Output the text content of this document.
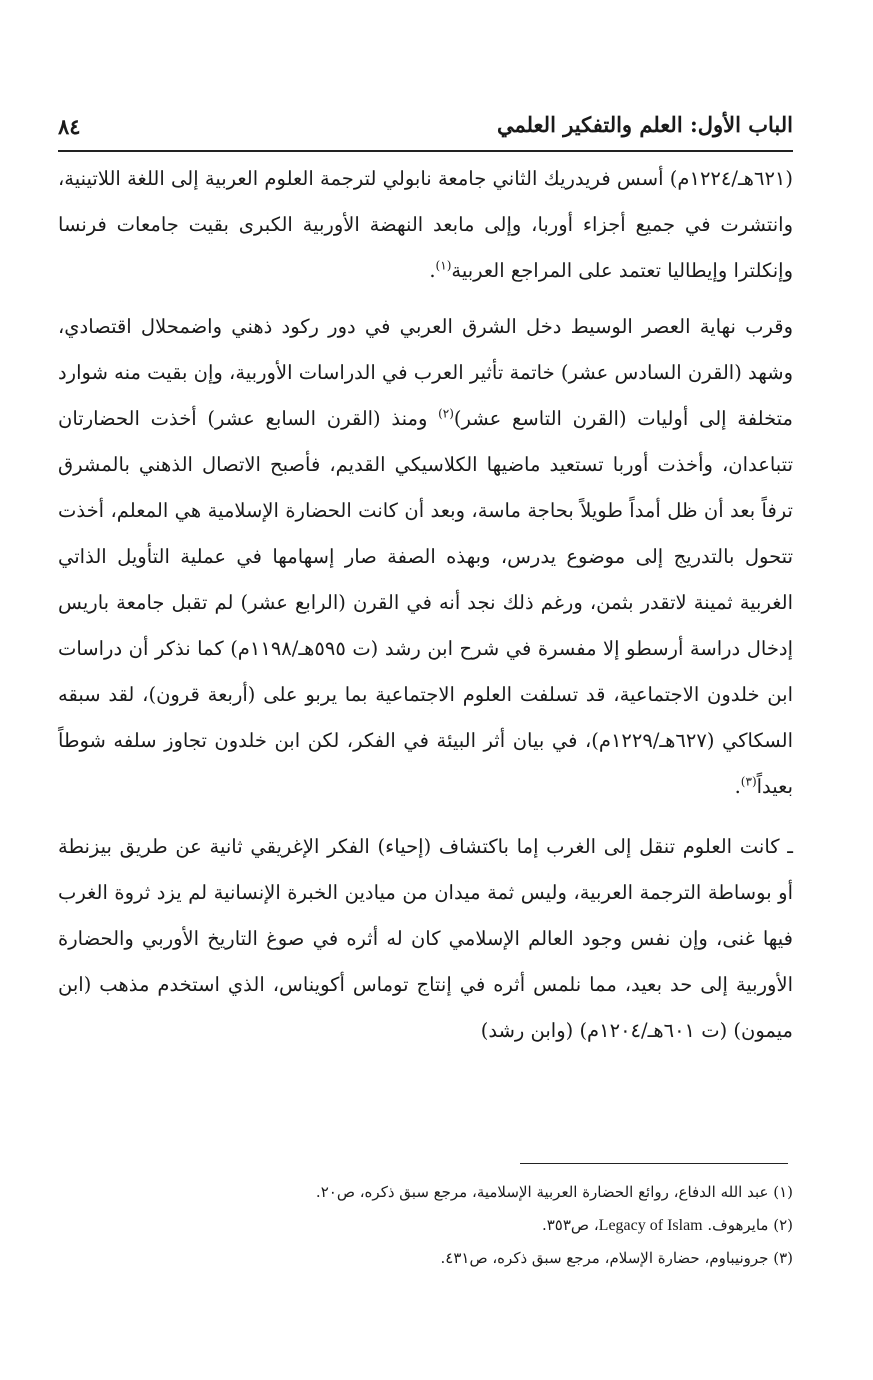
الباب الأول: العلم والتفكير العلمي
٨٤

(٦٢١هـ/١٢٢٤م) أسس فريدريك الثاني جامعة نابولي لترجمة العلوم العربية إلى اللغة اللاتينية، وانتشرت في جميع أجزاء أوربا، وإلى مابعد النهضة الأوربية الكبرى بقيت جامعات فرنسا وإنكلترا وإيطاليا تعتمد على المراجع العربية$^{(١)}$.

وقرب نهاية العصر الوسيط دخل الشرق العربي في دور ركود ذهني واضمحلال اقتصادي، وشهد (القرن السادس عشر) خاتمة تأثير العرب في الدراسات الأوربية، وإن بقيت منه شوارد متخلفة إلى أوليات (القرن التاسع عشر)$^{(٢)}$ ومنذ (القرن السابع عشر) أخذت الحضارتان تتباعدان، وأخذت أوربا تستعيد ماضيها الكلاسيكي القديم، فأصبح الاتصال الذهني بالمشرق ترفاً بعد أن ظل أمداً طويلاً بحاجة ماسة، وبعد أن كانت الحضارة الإسلامية هي المعلم، أخذت تتحول بالتدريج إلى موضوع يدرس، وبهذه الصفة صار إسهامها في عملية التأويل الذاتي الغربية ثمينة لاتقدر بثمن، ورغم ذلك نجد أنه في القرن (الرابع عشر) لم تقبل جامعة باريس إدخال دراسة أرسطو إلا مفسرة في شرح ابن رشد (ت ٥٩٥هـ/١١٩٨م) كما نذكر أن دراسات ابن خلدون الاجتماعية، قد تسلفت العلوم الاجتماعية بما يربو على (أربعة قرون)، لقد سبقه السكاكي (٦٢٧هـ/١٢٢٩م)، في بيان أثر البيئة في الفكر، لكن ابن خلدون تجاوز سلفه شوطاً بعيداً$^{(٣)}$.

ـ كانت العلوم تنقل إلى الغرب إما باكتشاف (إحياء) الفكر الإغريقي ثانية عن طريق بيزنطة أو بوساطة الترجمة العربية، وليس ثمة ميدان من ميادين الخبرة الإنسانية لم يزد ثروة الغرب فيها غنى، وإن نفس وجود العالم الإسلامي كان له أثره في صوغ التاريخ الأوربي والحضارة الأوربية إلى حد بعيد، مما نلمس أثره في إنتاج توماس أكويناس، الذي استخدم مذهب (ابن ميمون) (ت ٦٠١هـ/١٢٠٤م) (وابن رشد)

(١) عبد الله الدفاع، روائع الحضارة العربية الإسلامية، مرجع سبق ذكره، ص٢٠.
(٢) مايرهوف. Legacy of Islam، ص٣٥٣.
(٣) جرونيباوم، حضارة الإسلام، مرجع سبق ذكره، ص٤٣١.
